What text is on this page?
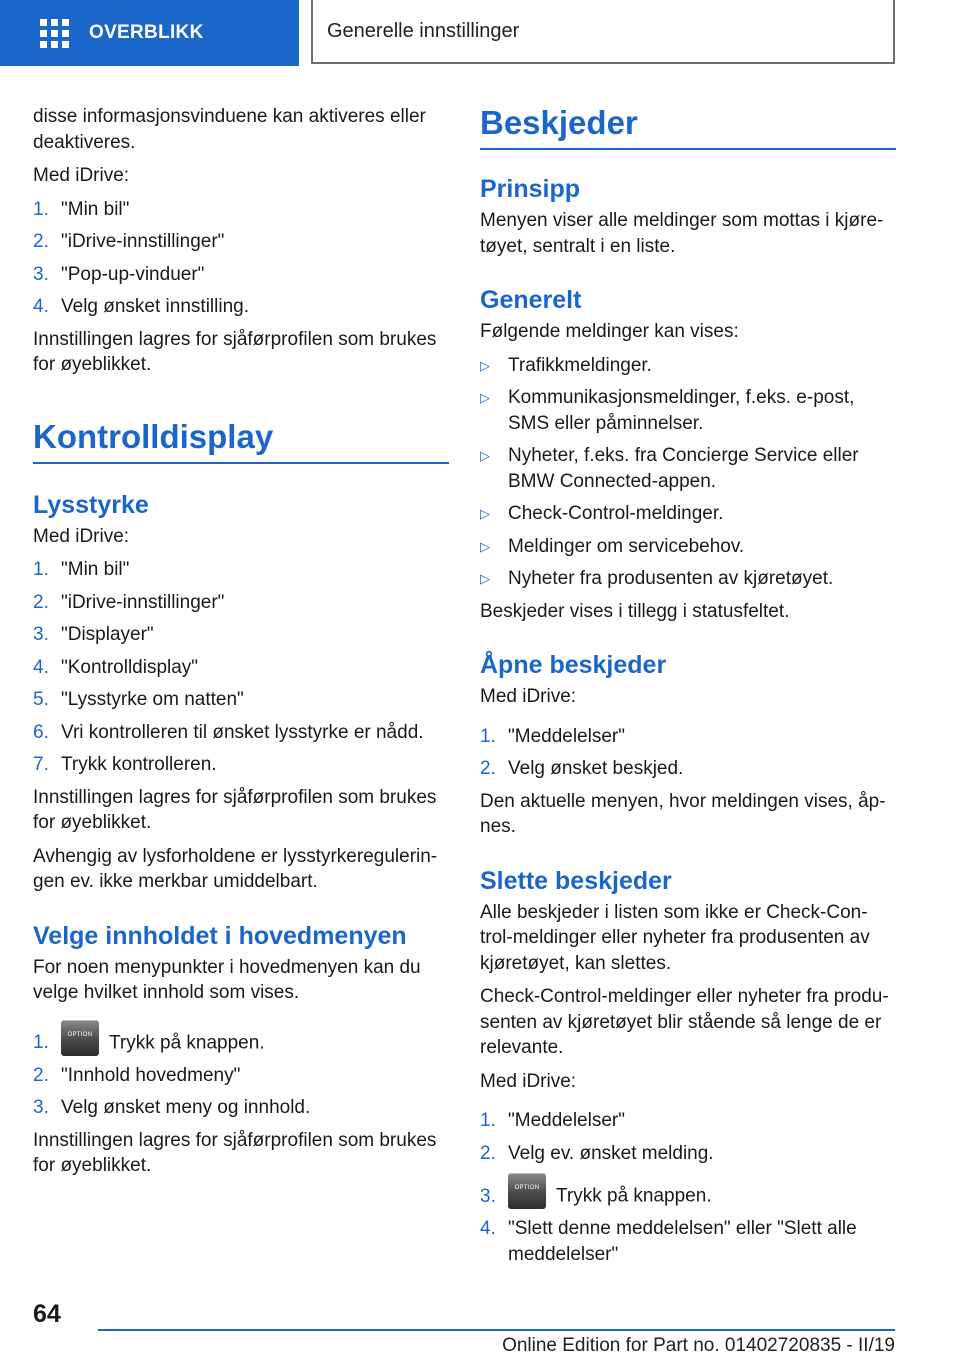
OVERBLIKK	Generelle innstillinger

disse informasjonsvinduene kan aktiveres eller deaktiveres.

Med iDrive:

1. "Min bil"
2. "iDrive-innstillinger"
3. "Pop-up-vinduer"
4. Velg ønsket innstilling.

Innstillingen lagres for sjåførprofilen som brukes for øyeblikket.

Kontrolldisplay
Lysstyrke

Med iDrive:

1. "Min bil"
2. "iDrive-innstillinger"
3. "Displayer"
4. "Kontrolldisplay"
5. "Lysstyrke om natten"
6. Vri kontrolleren til ønsket lysstyrke er nådd.
7. Trykk kontrolleren.

Innstillingen lagres for sjåførprofilen som brukes for øyeblikket.

Avhengig av lysforholdene er lysstyrkeregulerin-gen ev. ikke merkbar umiddelbart.

Velge innholdet i hovedmenyen

For noen menypunkter i hovedmenyen kan du velge hvilket innhold som vises.

1.	OPTION Trykk på knappen.
2. "Innhold hovedmeny"
3. Velg ønsket meny og innhold.

Innstillingen lagres for sjåførprofilen som brukes for øyeblikket.

Beskjeder
Prinsipp

Menyen viser alle meldinger som mottas i kjøre-tøyet, sentralt i en liste.

Generelt

Følgende meldinger kan vises:

▷ Trafikkmeldinger.
▷ Kommunikasjonsmeldinger, f.eks. e-post, SMS eller påminnelser.
▷ Nyheter, f.eks. fra Concierge Service eller BMW Connected-appen.
▷ Check-Control-meldinger.
▷ Meldinger om servicebehov.
▷ Nyheter fra produsenten av kjøretøyet.

Beskjeder vises i tillegg i statusfeltet.

Åpne beskjeder

Med iDrive:

1. "Meddelelser"
2. Velg ønsket beskjed.

Den aktuelle menyen, hvor meldingen vises, åp-nes.

Slette beskjeder

Alle beskjeder i listen som ikke er Check-Con-trol-meldinger eller nyheter fra produsenten av kjøretøyet, kan slettes.

Check-Control-meldinger eller nyheter fra produ-senten av kjøretøyet blir stående så lenge de er relevante.

Med iDrive:

1. "Meddelelser"
2. Velg ev. ønsket melding.
3.	OPTION Trykk på knappen.
4. "Slett denne meddelelsen" eller "Slett alle meddelelser"
64
Online Edition for Part no. 01402720835 - II/19
